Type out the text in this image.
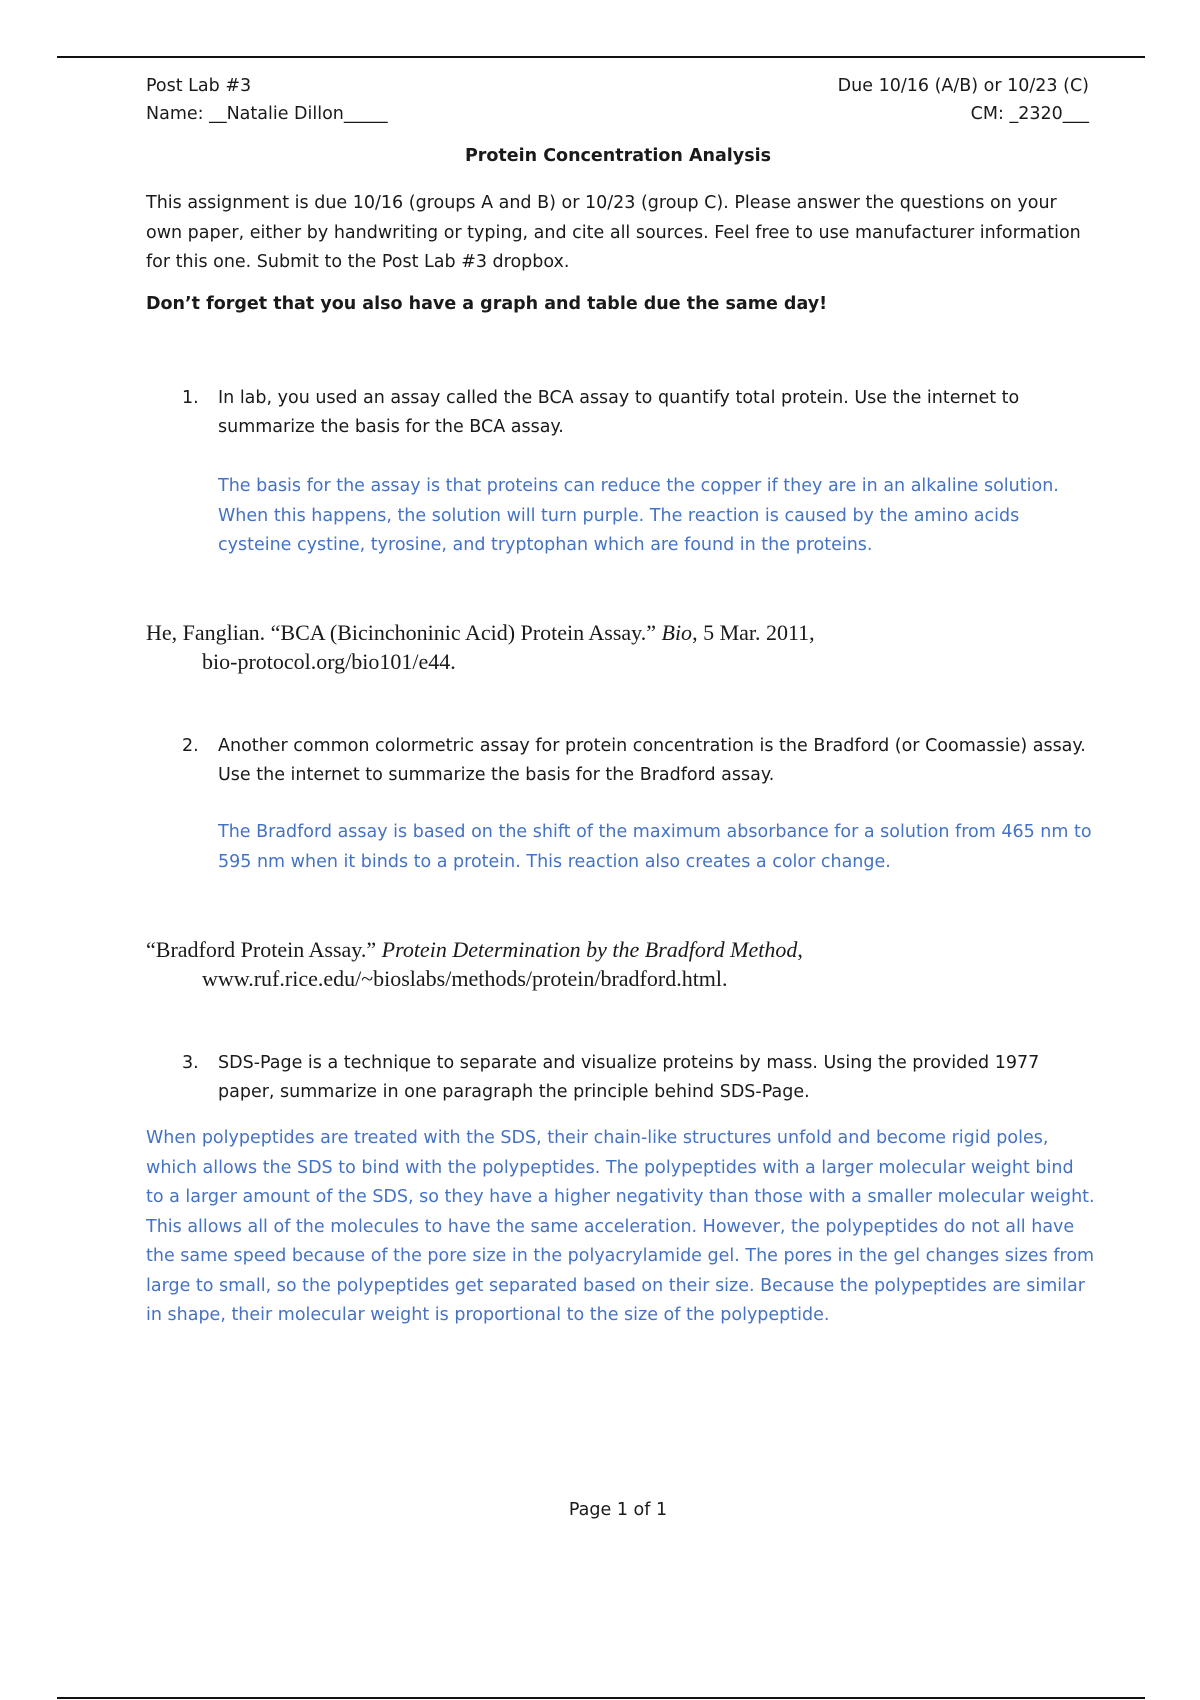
Post Lab #3
Name: __Natalie Dillon_____
Due 10/16 (A/B) or 10/23 (C)
CM: _2320___
Protein Concentration Analysis
This assignment is due 10/16 (groups A and B) or 10/23 (group C). Please answer the questions on your own paper, either by handwriting or typing, and cite all sources. Feel free to use manufacturer information for this one. Submit to the Post Lab #3 dropbox.
Don’t forget that you also have a graph and table due the same day!
1. In lab, you used an assay called the BCA assay to quantify total protein. Use the internet to summarize the basis for the BCA assay.
The basis for the assay is that proteins can reduce the copper if they are in an alkaline solution. When this happens, the solution will turn purple. The reaction is caused by the amino acids cysteine cystine, tyrosine, and tryptophan which are found in the proteins.
He, Fanglian. “BCA (Bicinchoninic Acid) Protein Assay.” Bio, 5 Mar. 2011,
bio-protocol.org/bio101/e44.
2. Another common colormetric assay for protein concentration is the Bradford (or Coomassie) assay. Use the internet to summarize the basis for the Bradford assay.
The Bradford assay is based on the shift of the maximum absorbance for a solution from 465 nm to 595 nm when it binds to a protein. This reaction also creates a color change.
“Bradford Protein Assay.” Protein Determination by the Bradford Method,
www.ruf.rice.edu/~bioslabs/methods/protein/bradford.html.
3. SDS-Page is a technique to separate and visualize proteins by mass. Using the provided 1977 paper, summarize in one paragraph the principle behind SDS-Page.
When polypeptides are treated with the SDS, their chain-like structures unfold and become rigid poles, which allows the SDS to bind with the polypeptides. The polypeptides with a larger molecular weight bind to a larger amount of the SDS, so they have a higher negativity than those with a smaller molecular weight. This allows all of the molecules to have the same acceleration. However, the polypeptides do not all have the same speed because of the pore size in the polyacrylamide gel. The pores in the gel changes sizes from large to small, so the polypeptides get separated based on their size. Because the polypeptides are similar in shape, their molecular weight is proportional to the size of the polypeptide.
Page 1 of 1
